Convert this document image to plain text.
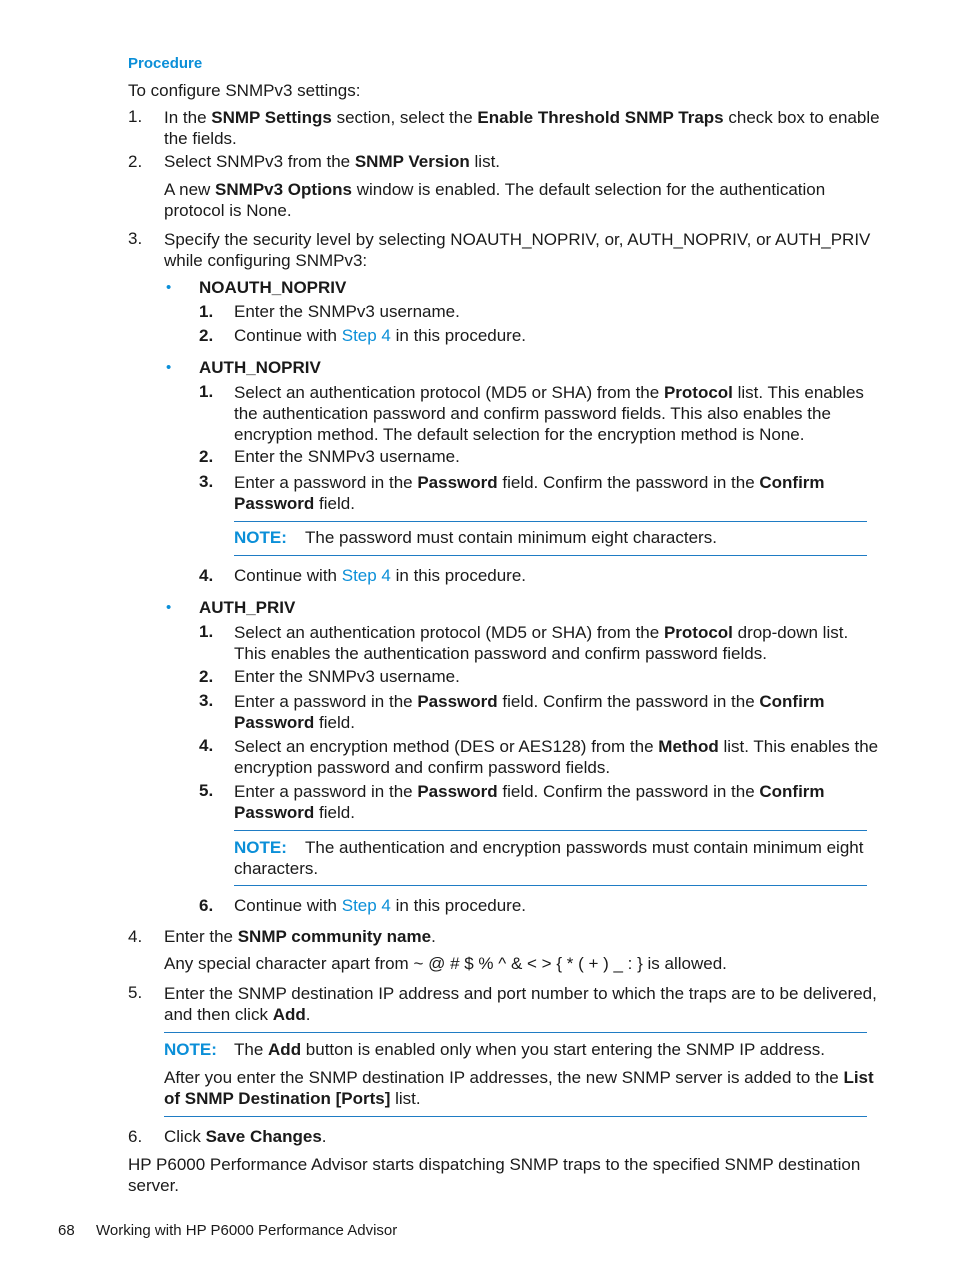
Procedure
To configure SNMPv3 settings:
1. In the SNMP Settings section, select the Enable Threshold SNMP Traps check box to enable
the fields.
2. Select SNMPv3 from the SNMP Version list.
A new SNMPv3 Options window is enabled. The default selection for the authentication
protocol is None.
3. Specify the security level by selecting NOAUTH_NOPRIV, or, AUTH_NOPRIV, or AUTH_PRIV
while configuring SNMPv3:
• NOAUTH_NOPRIV
1. Enter the SNMPv3 username.
2. Continue with Step 4 in this procedure.
• AUTH_NOPRIV
1. Select an authentication protocol (MD5 or SHA) from the Protocol list. This enables
the authentication password and confirm password fields. This also enables the
encryption method. The default selection for the encryption method is None.
2. Enter the SNMPv3 username.
3. Enter a password in the Password field. Confirm the password in the Confirm
Password field.
NOTE: The password must contain minimum eight characters.
4. Continue with Step 4 in this procedure.
• AUTH_PRIV
1. Select an authentication protocol (MD5 or SHA) from the Protocol drop-down list.
This enables the authentication password and confirm password fields.
2. Enter the SNMPv3 username.
3. Enter a password in the Password field. Confirm the password in the Confirm
Password field.
4. Select an encryption method (DES or AES128) from the Method list. This enables the
encryption password and confirm password fields.
5. Enter a password in the Password field. Confirm the password in the Confirm
Password field.
NOTE: The authentication and encryption passwords must contain minimum eight
characters.
6. Continue with Step 4 in this procedure.
4. Enter the SNMP community name.
Any special character apart from ~ @ # $ % ^ & < > { * ( + ) _ : } is allowed.
5. Enter the SNMP destination IP address and port number to which the traps are to be delivered,
and then click Add.
NOTE: The Add button is enabled only when you start entering the SNMP IP address.
After you enter the SNMP destination IP addresses, the new SNMP server is added to the List
of SNMP Destination [Ports] list.
6. Click Save Changes.
HP P6000 Performance Advisor starts dispatching SNMP traps to the specified SNMP destination
server.
68 Working with HP P6000 Performance Advisor
